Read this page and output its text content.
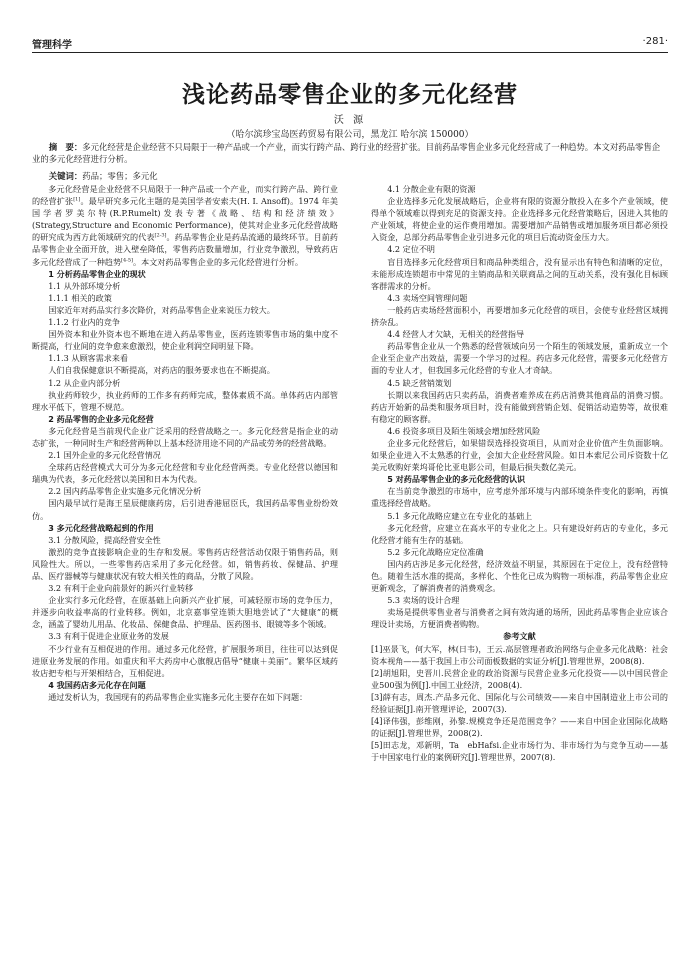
管理科学	·281·
浅论药品零售企业的多元化经营
沃 源
（哈尔滨珍宝岛医药贸易有限公司，黑龙江 哈尔滨 150000）
摘　要：多元化经营是企业经营不只局限于一种产品或一个产业，而实行跨产品、跨行业的经营扩张。目前药品零售企业多元化经营成了一种趋势。本文对药品零售企业的多元化经营进行分析。
关键词：药品；零售；多元化

多元化经营是企业经营不只局限于一种产品或一个产业，而实行跨产品、跨行业的经营扩张[1]。最早研究多元化主题的是美国学者安索夫(H. I. Ansoff)。1974 年美国学者罗美尔特(R.P.Rumelt)发表专著《战略、结构和经济绩效》(Strategy,Structure and Economic Performance)，使其对企业多元化经营战略的研究成为西方此领域研究的代表[2-3]。药品零售企业是药品流通的最终环节。目前药品零售企业全面开放，进入壁垒降低，零售药店数量增加，行业竞争激烈，导致药店多元化经营成了一种趋势[4-5]。本文对药品零售企业的多元化经营进行分析。

1 分析药品零售企业的现状

1.1 从外部环境分析

1.1.1 相关的政策

国家近年对药品实行多次降价，对药品零售企业来说压力较大。

1.1.2 行业内的竞争

国外资本和业外资本也不断地在进入药品零售业，医药连锁零售市场的集中度不断提高，行业间的竞争愈来愈激烈，使企业利润空间明显下降。

1.1.3 从顾客需求来看

人们自我保健意识不断提高，对药店的服务要求也在不断提高。

1.2 从企业内部分析

执业药师较少，执业药师的工作多有药师完成，整体素质不高。单体药店内部管理水平低下，管理不规范。

2 药品零售的企业多元化经营

多元化经营是当前现代企业广泛采用的经营战略之一。多元化经营是指企业的动态扩张，一种同时生产和经营两种以上基本经济用途不同的产品或劳务的经营战略。

2.1 国外企业的多元化经营情况

全球药店经营模式大可分为多元化经营和专业化经营两类。专业化经营以德国和瑞典为代表，多元化经营以美国和日本为代表。

2.2 国内药品零售企业实施多元化情况分析

国内最早试行是海王星辰健康药房，后引进香港屈臣氏，我国药品零售业纷纷效仿。

3 多元化经营战略起到的作用

3.1 分散风险，提高经营安全性

激烈的竞争直接影响企业的生存和发展。零售药店经营活动仅限于销售药品，则风险性大。所以，一些零售药店采用了多元化经营。如，销售药妆、保健品、护理品、医疗器械等与健康状况有较大相关性的商品，分散了风险。

3.2 有利于企业向前景好的新兴行业转移

企业实行多元化经营，在原基础上向新兴产业扩展，可减轻原市场的竞争压力，并逐步向收益率高的行业转移。例如，北京嘉事堂连锁大胆地尝试了“大健康”的概念，涵盖了婴幼儿用品、化妆品、保健食品、护理品、医药图书、眼镜等多个领域。

3.3 有利于促进企业原业务的发展

不少行业有互相促进的作用。通过多元化经营，扩展服务项目，往往可以达到促进原业务发展的作用。如重庆和平大药房中心旗舰店倡导“健康＋美丽”。繁华区域药妆店把专柜与开架相结合，互相促进。

4 我国药店多元化存在问题

通过发析认为，我国现有的药品零售企业实施多元化主要存在如下问题：

4.1 分散企业有限的资源

企业选择多元化发展战略后，企业将有限的资源分散投入在多个产业领域，使得单个领域难以得到充足的资源支持。企业选择多元化经营策略后，因进入其他的产业领域，将使企业的运作费用增加。需要增加产品销售或增加服务项目都必须投入资金，总部分药品零售企业引进多元化的项目后流动资金压力大。

4.2 定位不明

盲目选择多元化经营项目和商品种类组合，没有显示出有特色和清晰的定位，未能形成连锁超市中常见的主销商品和关联商品之间的互动关系，没有强化目标顾客群需求的分析。

4.3 卖场空间管理问题

一般药店卖场经营面积小，再要增加多元化经营的项目，会使专业经营区域拥挤杂乱。

4.4 经营人才欠缺，无相关的经营指导

药品零售企业从一个熟悉的经营领域向另一个陌生的领域发展，重新成立一个企业至企业产出效益，需要一个学习的过程。药店多元化经营，需要多元化经营方面的专业人才，但我国多元化经营的专业人才奇缺。

4.5 缺乏营销策划

长期以来我国药店只卖药品，消费者难养成在药店消费其他商品的消费习惯。药店开始新的品类和服务项目时，没有能做到营销企划、促销活动造势等，故很难有稳定的顾客群。

4.6 投资多项目及陌生领域会增加经营风险

企业多元化经营后，如果错误选择投资项目，从而对企业价值产生负面影响。如果企业进入不太熟悉的行业，会加大企业经营风险。如日本索尼公司斥资数十亿美元收购好莱坞哥伦比亚电影公司，但最后损失数亿美元。

5 对药品零售企业的多元化经营的认识

在当前竞争激烈的市场中，应考虑外部环境与内部环境条件变化的影响，再慎重选择经营战略。

5.1 多元化战略应建立在专业化的基础上

多元化经营，应建立在高水平的专业化之上。只有建设好药店的专业化，多元化经营才能有生存的基础。

5.2 多元化战略应定位准确

国内药店涉足多元化经营，经济效益不明显，其原因在于定位上，没有经营特色。随着生活水准的提高，多样化、个性化已成为购物一项标准，药品零售企业应更新观念，了解消费者的消费观念。

5.3 卖场的设计合理

卖场是提供零售业者与消费者之间有效沟通的场所，因此药品零售企业应该合理设计卖场，方便消费者购物。

参考文献

[1]巫景飞，何大军，林(日韦)，王云.高层管理者政治网络与企业多元化战略：社会资本视角——基于我国上市公司面板数据的实证分析[J].管理世界，2008(8).

[2]胡旭阳，史晋川.民营企业的政治资源与民营企业多元化投资——以中国民营企业500强为例[J].中国工业经济，2008(4).

[3]薛有志，周杰.产品多元化、国际化与公司绩效——来自中国制造业上市公司的经验证据[J].南开管理评论，2007(3).

[4]译伟强，彭维刚，孙黎.规模竞争还是范围竞争？——来自中国企业国际化战略的证据[J].管理世界，2008(2).

[5]田志龙，邓新明，Ta　ebHafsi.企业市场行为、非市场行为与竞争互动——基于中国家电行业的案例研究[J].管理世界，2007(8).
